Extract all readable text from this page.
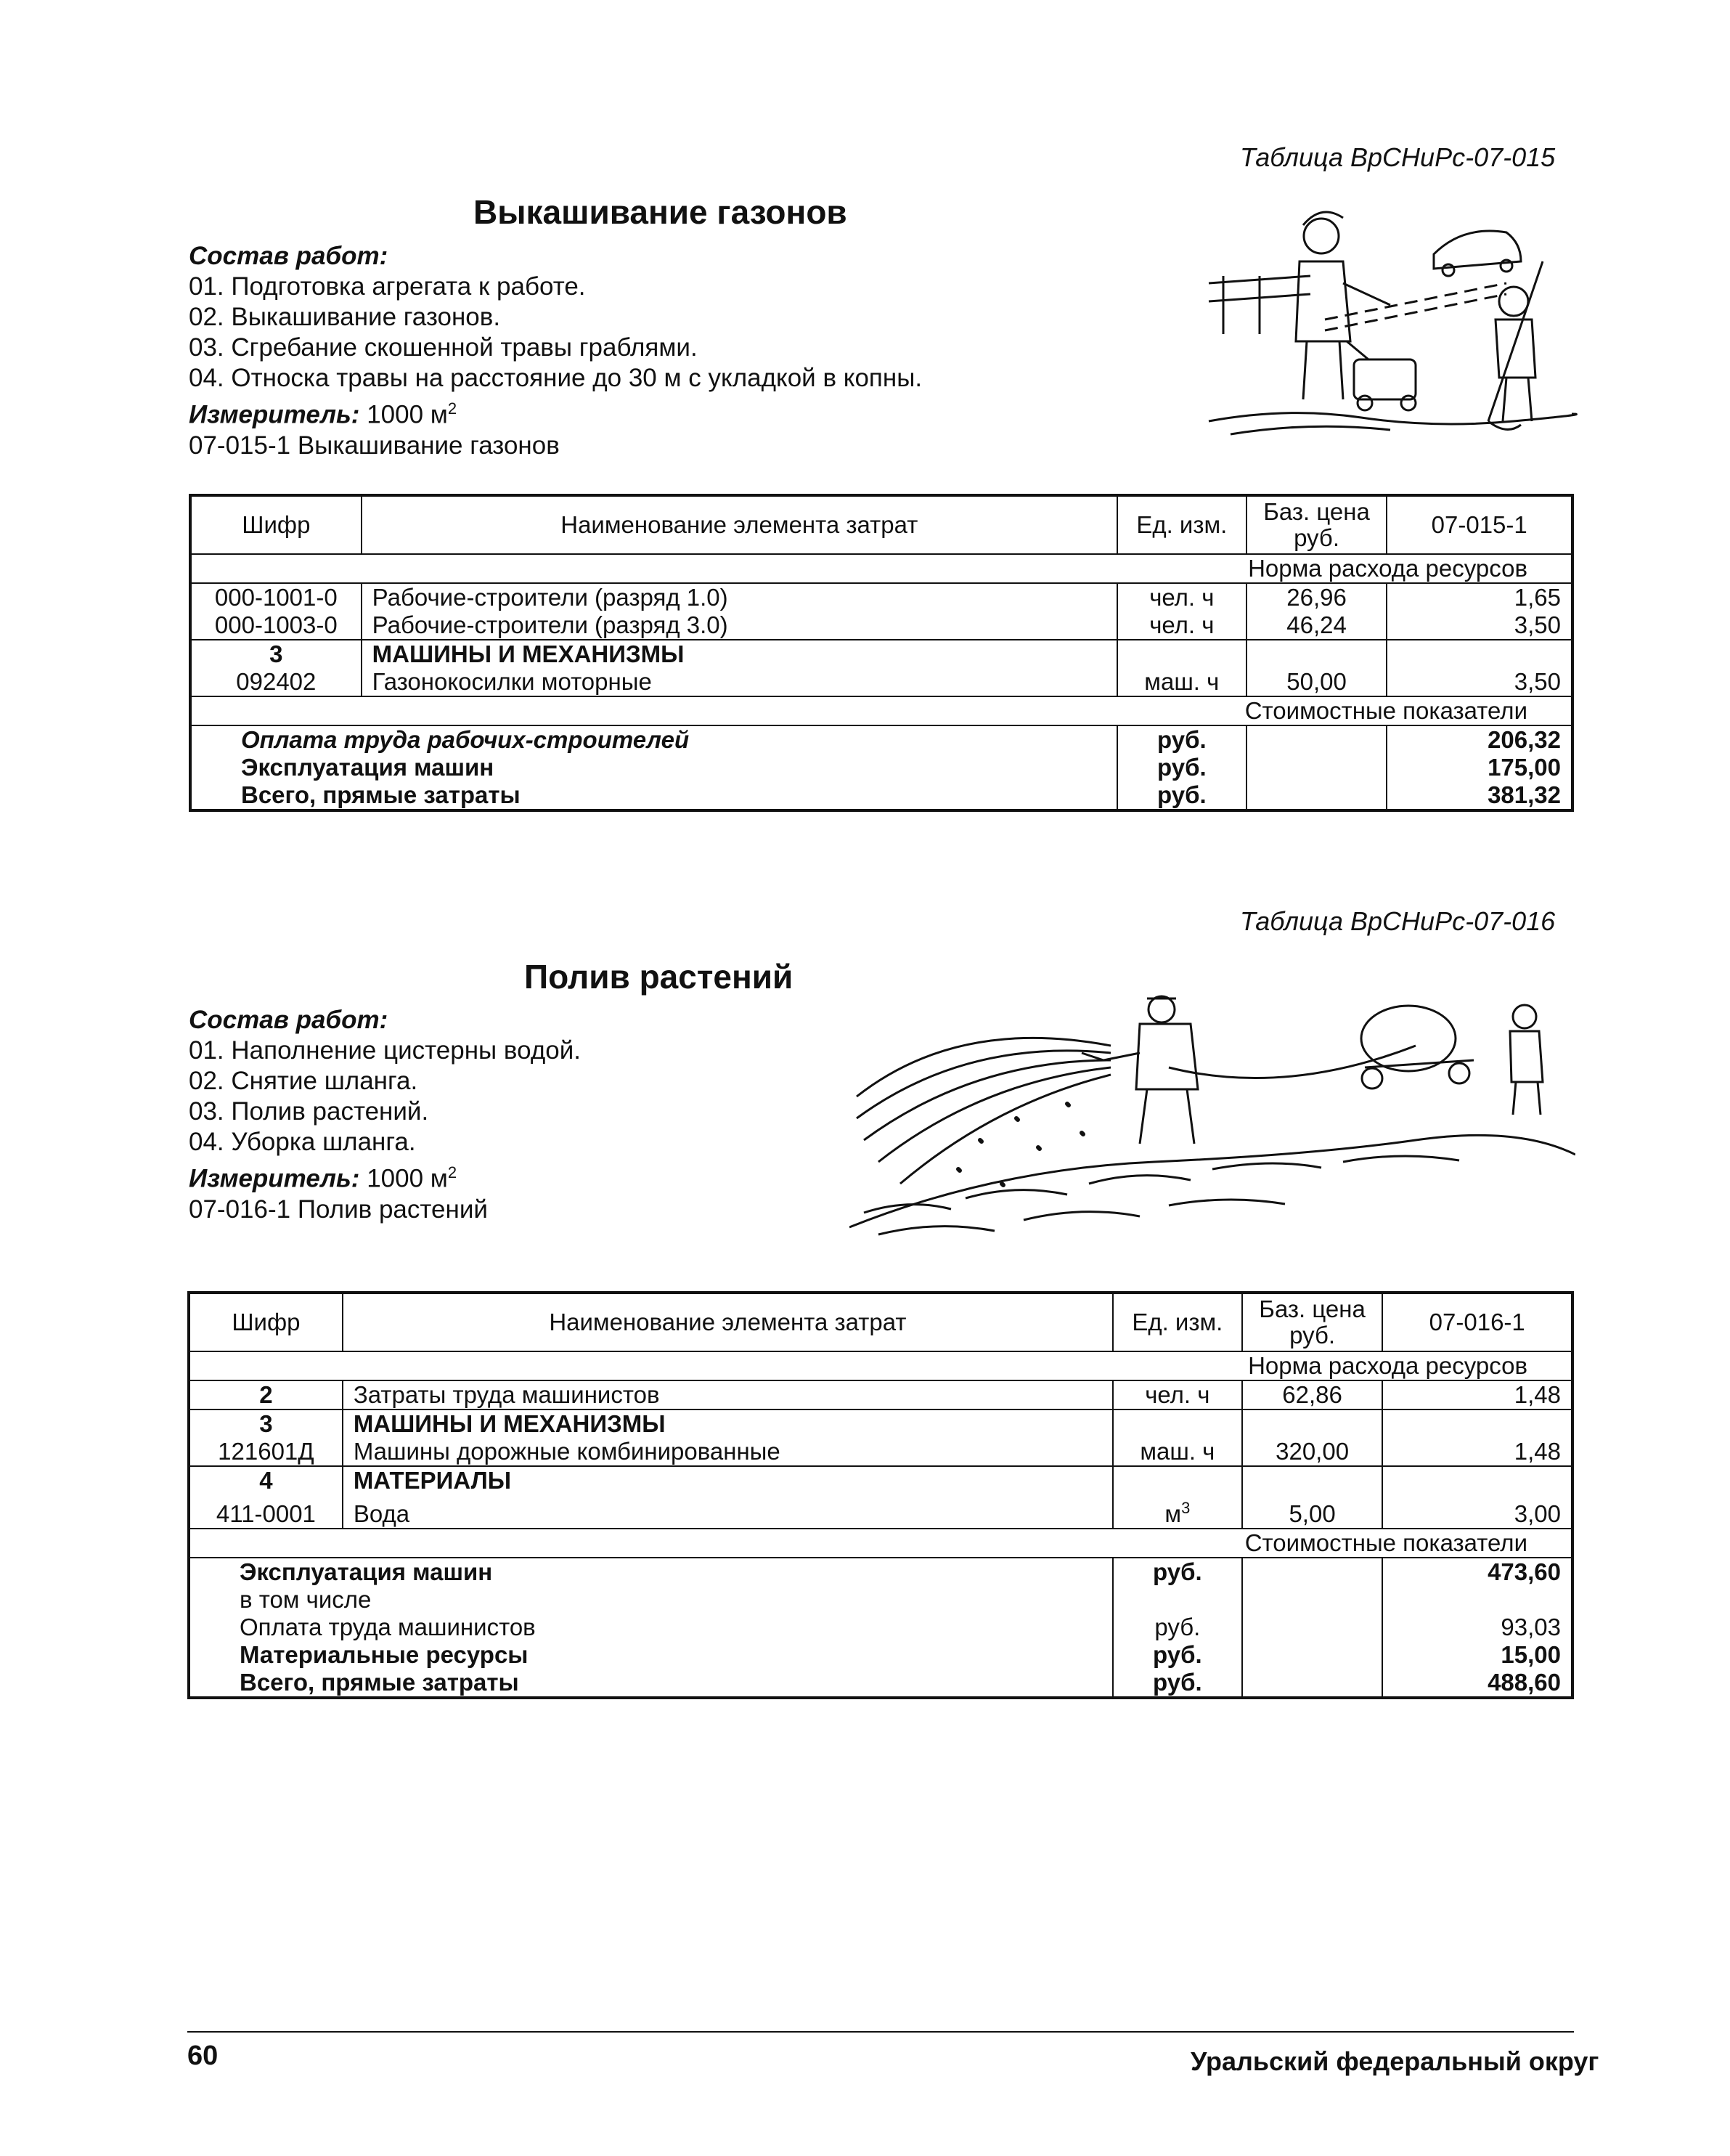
Таблица ВрСНиРс-07-015
Выкашивание газонов
Состав работ:
01. Подготовка агрегата к работе.
02. Выкашивание газонов.
03. Сгребание скошенной травы граблями.
04. Относка травы на расстояние до 30 м с укладкой в копны.
Измеритель: 1000 $м^2$
07-015-1 Выкашивание газонов
Шифр	Наименование элемента затрат	Ед. изм.	Баз. цена руб.	07-015-1
Норма расхода ресурсов				
000-1001-0	Рабочие-строители (разряд 1.0)	чел. ч	26,96	1,65
000-1003-0	Рабочие-строители (разряд 3.0)	чел. ч	46,24	3,50
3	МАШИНЫ И МЕХАНИЗМЫ			
092402	Газонокосилки моторные	маш. ч	50,00	3,50
Стоимостные показатели				
Оплата труда рабочих-строителей		руб.		206,32
Эксплуатация машин		руб.		175,00
Всего, прямые затраты		руб.		381,32
Таблица ВрСНиРс-07-016
Полив растений
Состав работ:
01. Наполнение цистерны водой.
02. Снятие шланга.
03. Полив растений.
04. Уборка шланга.
Измеритель: 1000 $м^2$
07-016-1 Полив растений
Шифр	Наименование элемента затрат	Ед. изм.	Баз. цена руб.	07-016-1
Норма расхода ресурсов				
2	Затраты труда машинистов	чел. ч	62,86	1,48
3	МАШИНЫ И МЕХАНИЗМЫ			
121601Д	Машины дорожные комбинированные	маш. ч	320,00	1,48
4	МАТЕРИАЛЫ			
411-0001	Вода	$м^3$	5,00	3,00
Стоимостные показатели				
Эксплуатация машин		руб.		473,60
в том числе				
Оплата труда машинистов		руб.		93,03
Материальные ресурсы		руб.		15,00
Всего, прямые затраты		руб.		488,60
60	Уральский федеральный округ
